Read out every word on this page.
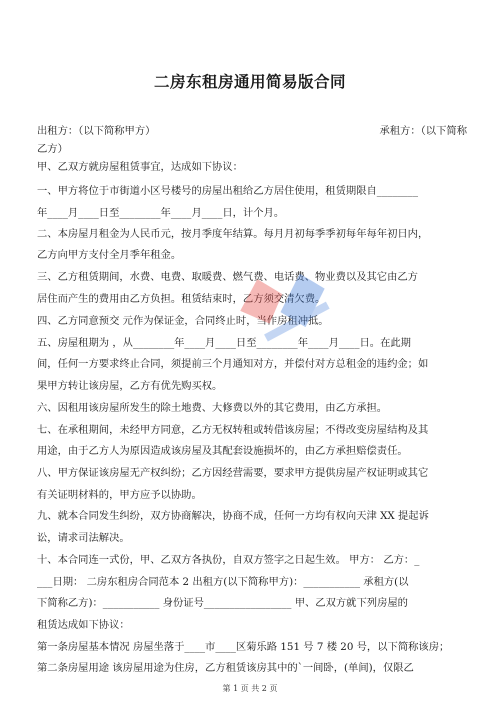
二房东租房通用简易版合同
出租方：（以下简称甲方）	承租方：（以下简称
乙方）
甲、乙双方就房屋租赁事宜，达成如下协议：
一、甲方将位于市街道小区号楼号的房屋出租给乙方居住使用，租赁期限自________
年____月____日至________年____月____日，计个月。
二、本房屋月租金为人民币元，按月季度年结算。每月月初每季季初每年每年初日内，
乙方向甲方支付全月季年租金。
三、乙方租赁期间，水费、电费、取暖费、燃气费、电话费、物业费以及其它由乙方
居住而产生的费用由乙方负担。租赁结束时，乙方须交清欠费。
四、乙方同意预交 元作为保证金，合同终止时，当作房租冲抵。
五、房屋租期为 ，从________年____月____日至________年____月____日。在此期
间，任何一方要求终止合同，须提前三个月通知对方，并偿付对方总租金的违约金；如
果甲方转让该房屋，乙方有优先购买权。
六、因租用该房屋所发生的除土地费、大修费以外的其它费用，由乙方承担。
七、在承租期间，未经甲方同意，乙方无权转租或转借该房屋；不得改变房屋结构及其
用途，由于乙方人为原因造成该房屋及其配套设施损坏的，由乙方承担赔偿责任。
八、甲方保证该房屋无产权纠纷；乙方因经营需要，要求甲方提供房屋产权证明或其它
有关证明材料的，甲方应予以协助。
九、就本合同发生纠纷，双方协商解决，协商不成，任何一方均有权向天津 XX 提起诉
讼，请求司法解决。
十、本合同连一式份，甲、乙双方各执份，自双方签字之日起生效。 甲方： 乙方：_
___日期： 二房东租房合同范本 2 出租方(以下简称甲方)：___________ 承租方(以
下简称乙方)：___________ 身份证号_________________ 甲、乙双方就下列房屋的
租赁达成如下协议：
第一条房屋基本情况 房屋坐落于____市____区菊乐路 151 号 7 楼 20 号，以下简称该房；
第二条房屋用途 该房屋用途为住房，乙方租赁该房其中的`一间卧，(单间)，仅限乙
第 1 页 共 2 页
